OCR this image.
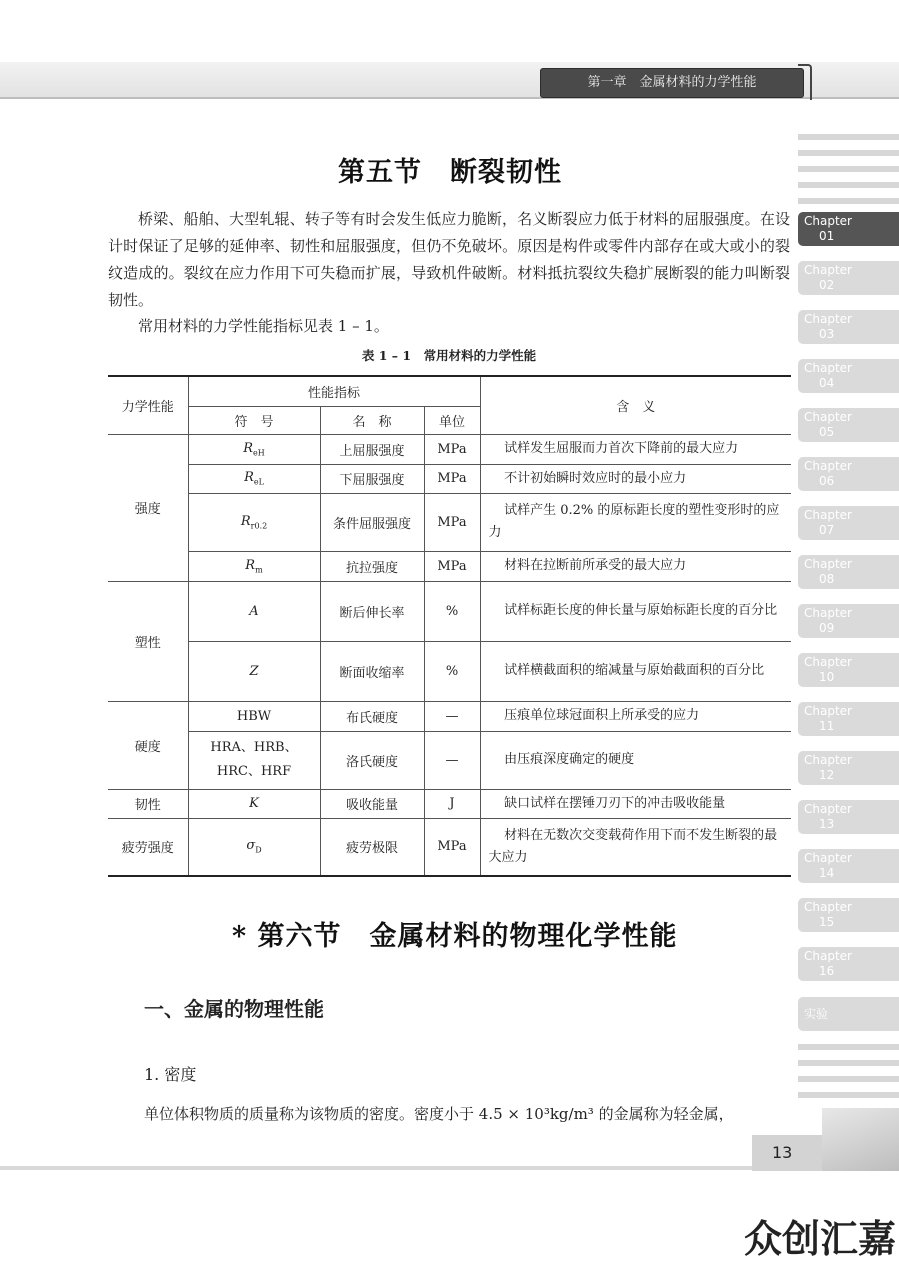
第一章　金属材料的力学性能
第五节　断裂韧性

桥梁、船舶、大型轧辊、转子等有时会发生低应力脆断，名义断裂应力低于材料的屈服强度。在设计时保证了足够的延伸率、韧性和屈服强度，但仍不免破坏。原因是构件或零件内部存在或大或小的裂纹造成的。裂纹在应力作用下可失稳而扩展，导致机件破断。材料抵抗裂纹失稳扩展断裂的能力叫断裂韧性。

常用材料的力学性能指标见表 1 – 1。

表 1 – 1　常用材料的力学性能
力学性能	性能指标			含　义
	符　号	名　称	单位	
强度	$R_{eH}$	上屈服强度	MPa	试样发生屈服而力首次下降前的最大应力

	$R_{eL}$	下屈服强度	MPa	不计初始瞬时效应时的最小应力

	$R_{r0.2}$	条件屈服强度	MPa	试样产生 0.2% 的原标距长度的塑性变形时的应力

	$R_m$	抗拉强度	MPa	材料在拉断前所承受的最大应力

塑性	A	断后伸长率	%	试样标距长度的伸长量与原始标距长度的百分比

	Z	断面收缩率	%	试样横截面积的缩减量与原始截面积的百分比

硬度	HBW	布氏硬度	—	压痕单位球冠面积上所承受的应力

	HRA、HRB、
HRC、HRF	洛氏硬度	—	由压痕深度确定的硬度

韧性	K	吸收能量	J	缺口试样在摆锤刀刃下的冲击吸收能量

疲劳强度	$\sigma_D$	疲劳极限	MPa	材料在无数次交变载荷作用下而不发生断裂的最大应力
* 第六节　金属材料的物理化学性能
一、金属的物理性能
1. 密度

单位体积物质的质量称为该物质的密度。密度小于 4.5 × 10³kg/m³ 的金属称为轻金属，

Chapter
01
Chapter
02
Chapter
03
Chapter
04
Chapter
05
Chapter
06
Chapter
07
Chapter
08
Chapter
09
Chapter
10
Chapter
11
Chapter
12
Chapter
13
Chapter
14
Chapter
15
Chapter
16
实验
13
众创汇嘉
